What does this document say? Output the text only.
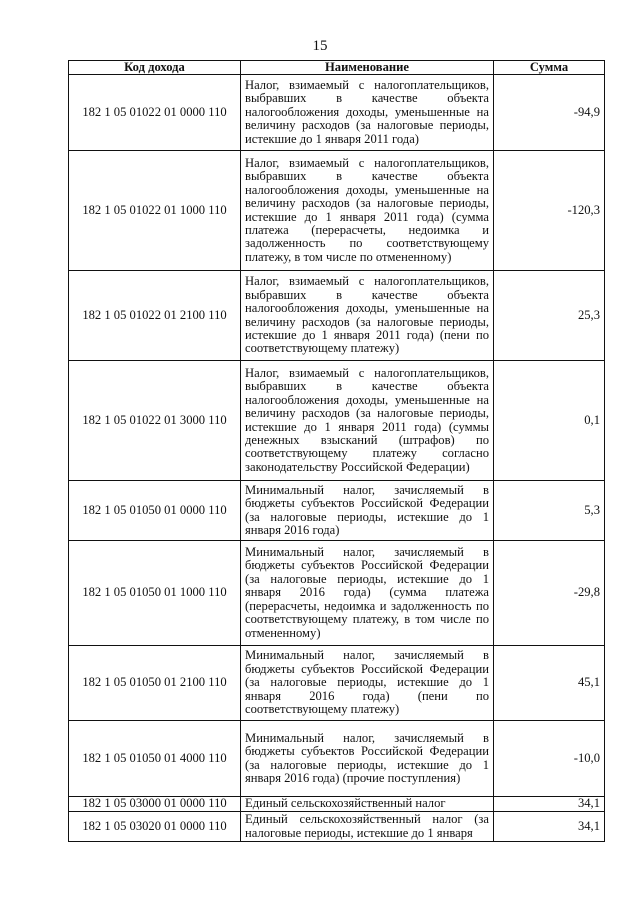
15
Код дохода	Наименование	Сумма
182 1 05 01022 01 0000 110	Налог, взимаемый с налогоплательщиков, выбравших в качестве объекта налогообложения доходы, уменьшенные на величину расходов (за налоговые периоды, истекшие до 1 января 2011 года)	-94,9
182 1 05 01022 01 1000 110	Налог, взимаемый с налогоплательщиков, выбравших в качестве объекта налогообложения доходы, уменьшенные на величину расходов (за налоговые периоды, истекшие до 1 января 2011 года) (сумма платежа (перерасчеты, недоимка и задолженность по соответствующему платежу, в том числе по отмененному)	-120,3
182 1 05 01022 01 2100 110	Налог, взимаемый с налогоплательщиков, выбравших в качестве объекта налогообложения доходы, уменьшенные на величину расходов (за налоговые периоды, истекшие до 1 января 2011 года) (пени по соответствующему платежу)	25,3
182 1 05 01022 01 3000 110	Налог, взимаемый с налогоплательщиков, выбравших в качестве объекта налогообложения доходы, уменьшенные на величину расходов (за налоговые периоды, истекшие до 1 января 2011 года) (суммы денежных взысканий (штрафов) по соответствующему платежу согласно законодательству Российской Федерации)	0,1
182 1 05 01050 01 0000 110	Минимальный налог, зачисляемый в бюджеты субъектов Российской Федерации (за налоговые периоды, истекшие до 1 января 2016 года)	5,3
182 1 05 01050 01 1000 110	Минимальный налог, зачисляемый в бюджеты субъектов Российской Федерации (за налоговые периоды, истекшие до 1 января 2016 года) (сумма платежа (перерасчеты, недоимка и задолженность по соответствующему платежу, в том числе по отмененному)	-29,8
182 1 05 01050 01 2100 110	Минимальный налог, зачисляемый в бюджеты субъектов Российской Федерации (за налоговые периоды, истекшие до 1 января 2016 года) (пени по соответствующему платежу)	45,1
182 1 05 01050 01 4000 110	Минимальный налог, зачисляемый в бюджеты субъектов Российской Федерации (за налоговые периоды, истекшие до 1 января 2016 года) (прочие поступления)	-10,0
182 1 05 03000 01 0000 110	Единый сельскохозяйственный налог	34,1
182 1 05 03020 01 0000 110	Единый сельскохозяйственный налог (за налоговые периоды, истекшие до 1 января	34,1
